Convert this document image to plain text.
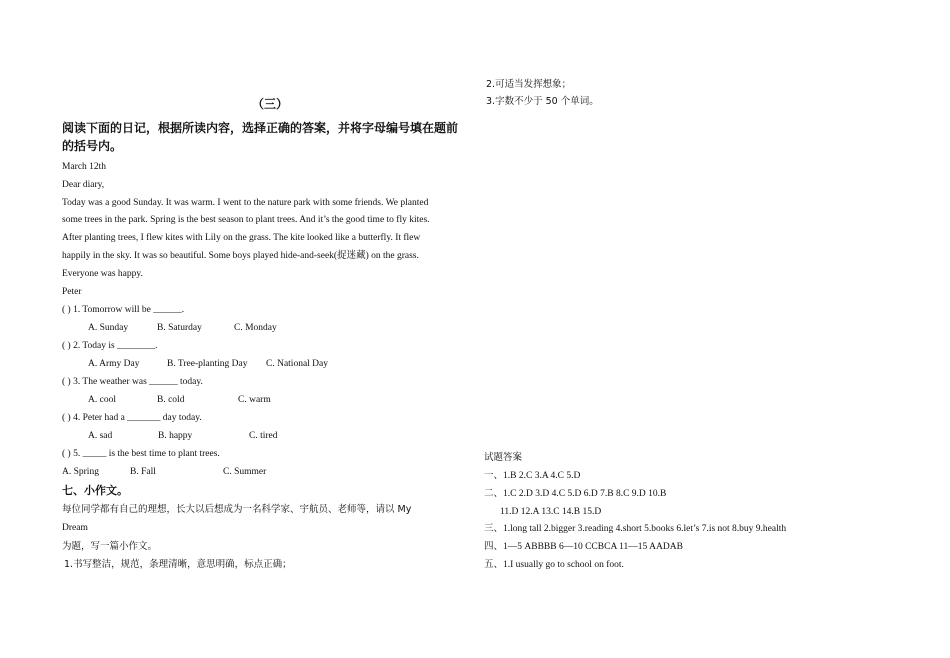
（三）
阅读下面的日记，根据所读内容，选择正确的答案，并将字母编号填在题前
的括号内。
March 12th
Dear diary,
Today was a good Sunday. It was warm. I went to the nature park with some friends. We planted
some trees in the park. Spring is the best season to plant trees. And it’s the good time to fly kites.
After planting trees, I flew kites with Lily on the grass. The kite looked like a butterfly. It flew
happily in the sky. It was so beautiful. Some boys played hide-and-seek(捉迷藏) on the grass.
Everyone was happy.
Peter
( ) 1. Tomorrow will be ______.
A. Sunday	B. Saturday	C. Monday
( ) 2. Today is ________.
A. Army Day	B. Tree-planting Day C. National Day
( ) 3. The weather was ______ today.
A. cool	B. cold	C. warm
( ) 4. Peter had a _______ day today.
A. sad	B. happy	C. tired
( ) 5. _____ is the best time to plant trees.
A. Spring	B. Fall	C. Summer
七、小作文。
每位同学都有自己的理想，长大以后想成为一名科学家、宇航员、老师等，请以 My
Dream
为题，写一篇小作文。
1.书写整洁，规范，条理清晰，意思明确，标点正确；
2.可适当发挥想象；
3.字数不少于 50 个单词。
试题答案
一、1.B 2.C 3.A 4.C 5.D
二、1.C 2.D 3.D 4.C 5.D 6.D 7.B 8.C 9.D 10.B
11.D 12.A 13.C 14.B 15.D
三、1.long tall 2.bigger 3.reading 4.short 5.books 6.let’s 7.is not 8.buy 9.health
四、1—5 ABBBB 6—10 CCBCA 11—15 AADAB
五、1.I usually go to school on foot.
